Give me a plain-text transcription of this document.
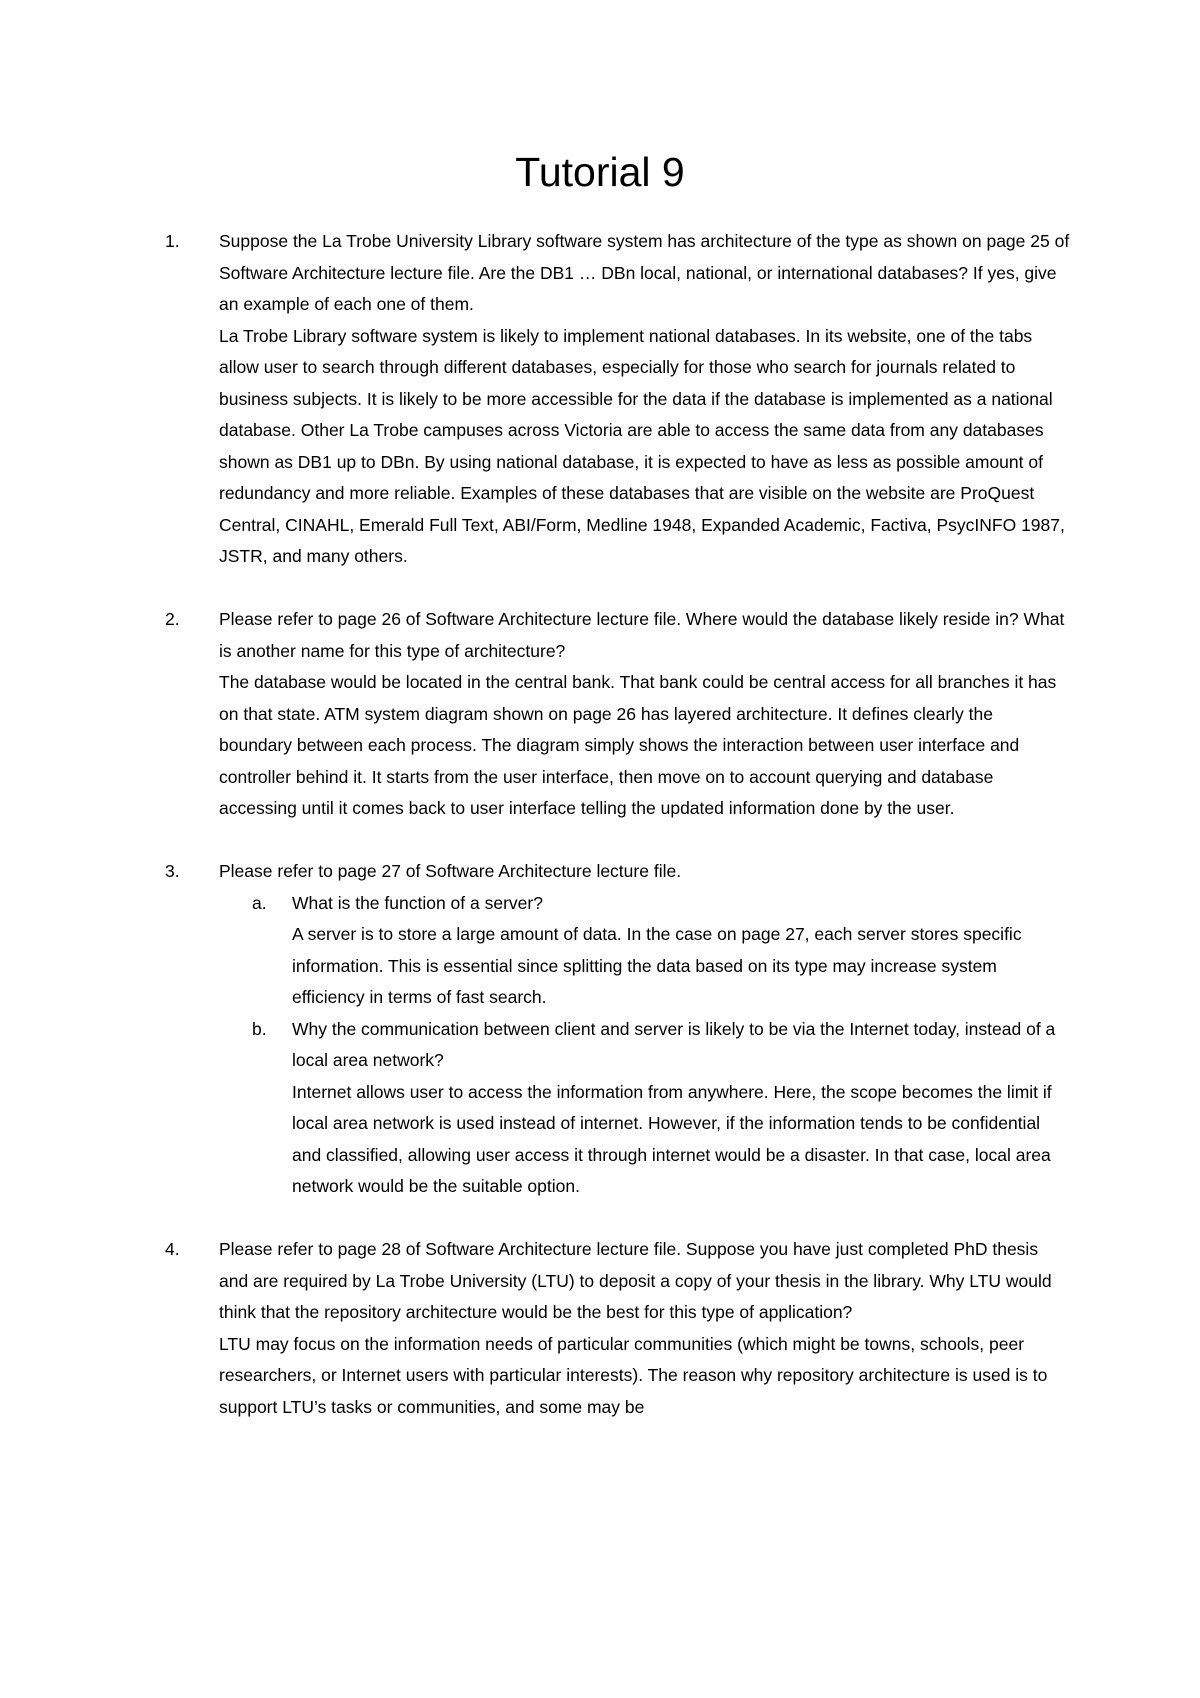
Tutorial 9
1. Suppose the La Trobe University Library software system has architecture of the type as shown on page 25 of Software Architecture lecture file. Are the DB1 … DBn local, national, or international databases? If yes, give an example of each one of them.
La Trobe Library software system is likely to implement national databases. In its website, one of the tabs allow user to search through different databases, especially for those who search for journals related to business subjects. It is likely to be more accessible for the data if the database is implemented as a national database. Other La Trobe campuses across Victoria are able to access the same data from any databases shown as DB1 up to DBn. By using national database, it is expected to have as less as possible amount of redundancy and more reliable. Examples of these databases that are visible on the website are ProQuest Central, CINAHL, Emerald Full Text, ABI/Form, Medline 1948, Expanded Academic, Factiva, PsycINFO 1987, JSTR, and many others.
2. Please refer to page 26 of Software Architecture lecture file. Where would the database likely reside in? What is another name for this type of architecture?
The database would be located in the central bank. That bank could be central access for all branches it has on that state. ATM system diagram shown on page 26 has layered architecture. It defines clearly the boundary between each process. The diagram simply shows the interaction between user interface and controller behind it. It starts from the user interface, then move on to account querying and database accessing until it comes back to user interface telling the updated information done by the user.
3. Please refer to page 27 of Software Architecture lecture file.
a. What is the function of a server?
A server is to store a large amount of data. In the case on page 27, each server stores specific information. This is essential since splitting the data based on its type may increase system efficiency in terms of fast search.
b. Why the communication between client and server is likely to be via the Internet today, instead of a local area network?
Internet allows user to access the information from anywhere. Here, the scope becomes the limit if local area network is used instead of internet. However, if the information tends to be confidential and classified, allowing user access it through internet would be a disaster. In that case, local area network would be the suitable option.
4. Please refer to page 28 of Software Architecture lecture file. Suppose you have just completed PhD thesis and are required by La Trobe University (LTU) to deposit a copy of your thesis in the library. Why LTU would think that the repository architecture would be the best for this type of application?
LTU may focus on the information needs of particular communities (which might be towns, schools, peer researchers, or Internet users with particular interests). The reason why repository architecture is used is to support LTU’s tasks or communities, and some may be
